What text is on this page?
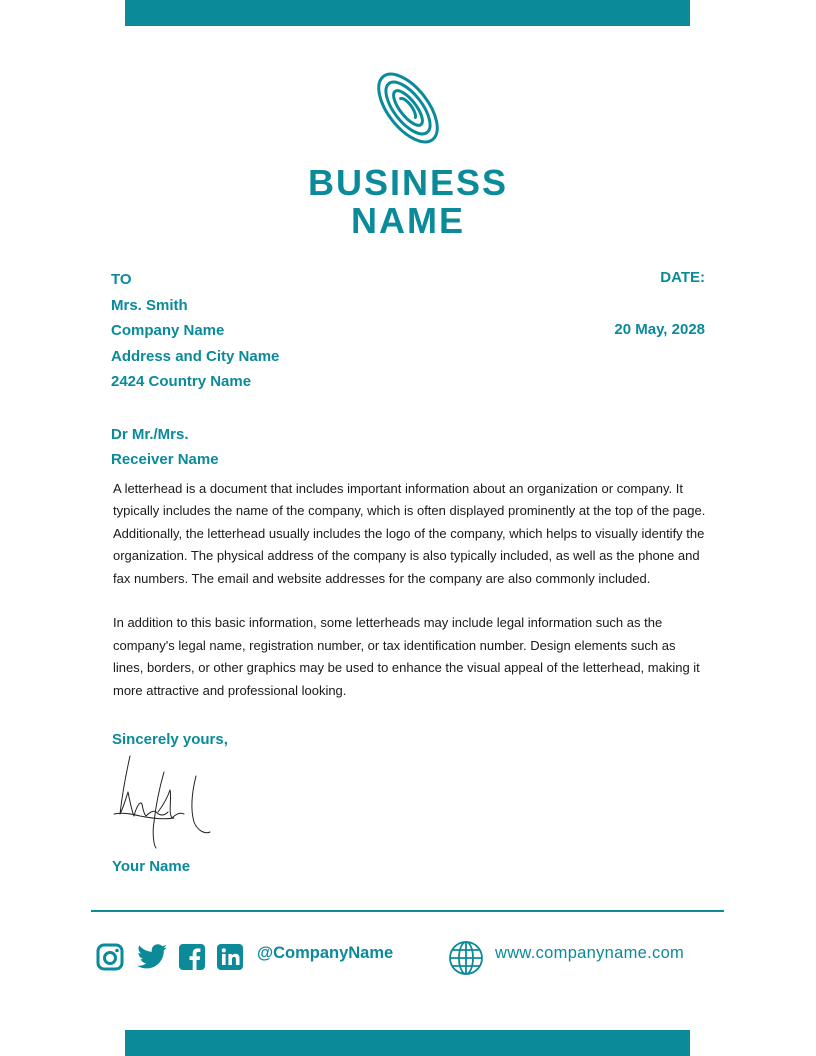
BUSINESS
NAME
TO
Mrs. Smith
Company Name
Address and City Name
2424 Country Name
DATE:
20 May, 2028
Dr Mr./Mrs.
Receiver Name

A letterhead is a document that includes important information about an organization or company. It typically includes the name of the company, which is often displayed prominently at the top of the page. Additionally, the letterhead usually includes the logo of the company, which helps to visually identify the organization. The physical address of the company is also typically included, as well as the phone and fax numbers. The email and website addresses for the company are also commonly included.

In addition to this basic information, some letterheads may include legal information such as the company's legal name, registration number, or tax identification number. Design elements such as lines, borders, or other graphics may be used to enhance the visual appeal of the letterhead, making it more attractive and professional looking.

Sincerely yours,
Your Name
@CompanyName	www.companyname.com
